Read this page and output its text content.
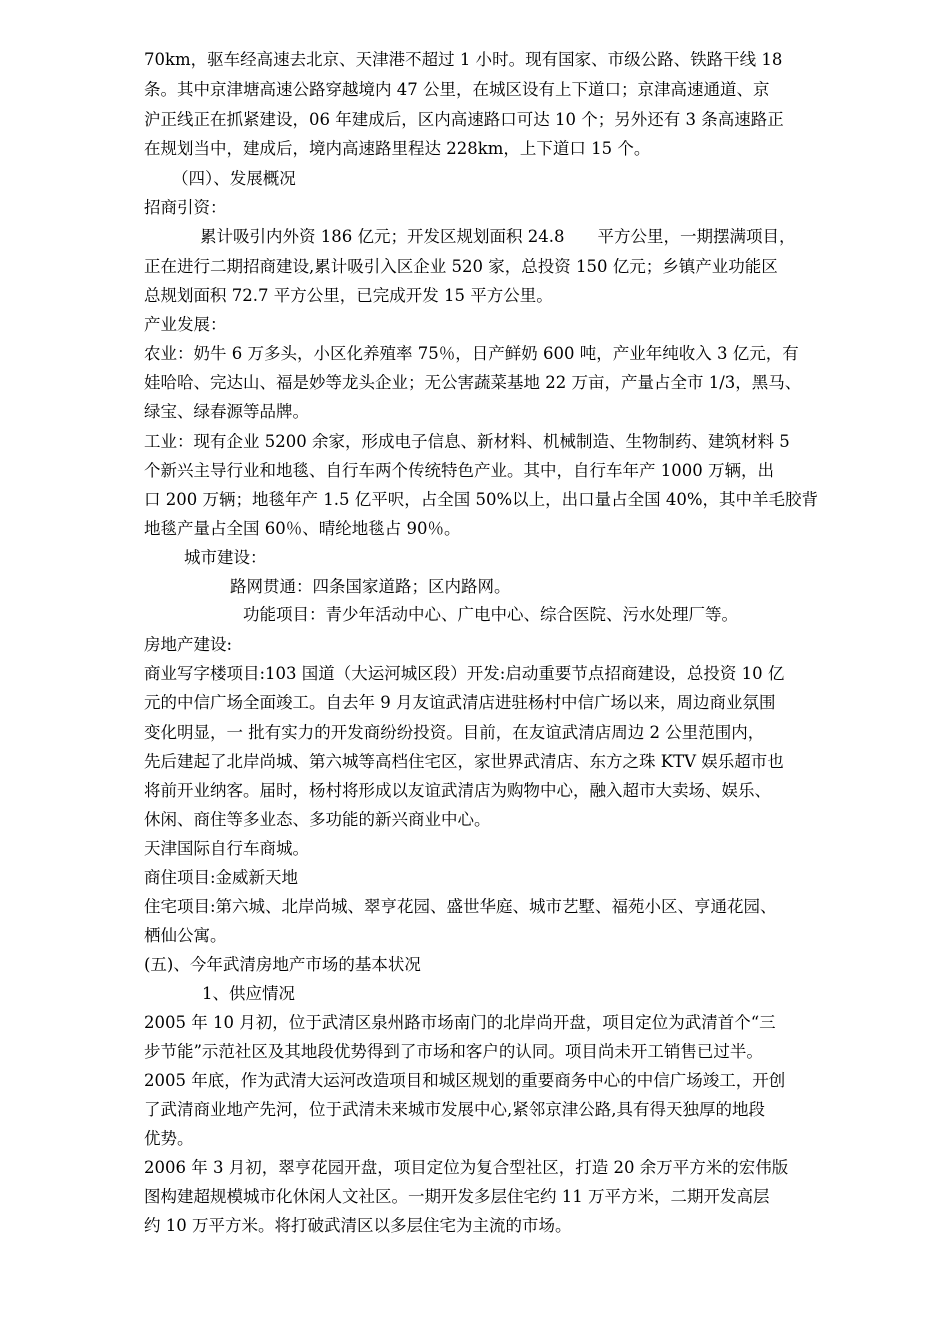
70km，驱车经高速去北京、天津港不超过 1 小时。现有国家、市级公路、铁路干线 18
条。其中京津塘高速公路穿越境内 47 公里，在城区设有上下道口；京津高速通道、京
沪正线正在抓紧建设，06 年建成后，区内高速路口可达 10 个；另外还有 3 条高速路正
在规划当中，建成后，境内高速路里程达 228km，上下道口 15 个。
（四）、发展概况
招商引资：
累计吸引内外资 186 亿元；开发区规划面积 24.8　　平方公里，一期摆满项目，
正在进行二期招商建设,累计吸引入区企业 520 家，总投资 150 亿元；乡镇产业功能区
总规划面积 72.7 平方公里，已完成开发 15 平方公里。
产业发展：
农业：奶牛 6 万多头，小区化养殖率 75％，日产鲜奶 600 吨，产业年纯收入 3 亿元，有
娃哈哈、完达山、福是妙等龙头企业；无公害蔬菜基地 22 万亩，产量占全市 1/3，黑马、
绿宝、绿春源等品牌。
工业：现有企业 5200 余家，形成电子信息、新材料、机械制造、生物制药、建筑材料 5
个新兴主导行业和地毯、自行车两个传统特色产业。其中，自行车年产 1000 万辆，出
口 200 万辆；地毯年产 1.5 亿平呎，占全国 50%以上，出口量占全国 40%，其中羊毛胶背
地毯产量占全国 60％、晴纶地毯占 90％。
城市建设：
路网贯通：四条国家道路；区内路网。
功能项目：青少年活动中心、广电中心、综合医院、污水处理厂等。
房地产建设:
商业写字楼项目:103 国道（大运河城区段）开发:启动重要节点招商建设，总投资 10 亿
元的中信广场全面竣工。自去年 9 月友谊武清店进驻杨村中信广场以来，周边商业氛围
变化明显，一 批有实力的开发商纷纷投资。目前，在友谊武清店周边 2 公里范围内，
先后建起了北岸尚城、第六城等高档住宅区，家世界武清店、东方之珠 KTV 娱乐超市也
将前开业纳客。届时，杨村将形成以友谊武清店为购物中心，融入超市大卖场、娱乐、
休闲、商住等多业态、多功能的新兴商业中心。
天津国际自行车商城。
商住项目:金威新天地
住宅项目:第六城、北岸尚城、翠亨花园、盛世华庭、城市艺墅、福苑小区、亨通花园、
栖仙公寓。
(五)、今年武清房地产市场的基本状况
1、供应情况
2005 年 10 月初，位于武清区泉州路市场南门的北岸尚开盘，项目定位为武清首个“三
步节能”示范社区及其地段优势得到了市场和客户的认同。项目尚未开工销售已过半。
2005 年底，作为武清大运河改造项目和城区规划的重要商务中心的中信广场竣工，开创
了武清商业地产先河，位于武清未来城市发展中心,紧邻京津公路,具有得天独厚的地段
优势。
2006 年 3 月初，翠亨花园开盘，项目定位为复合型社区，打造 20 余万平方米的宏伟版
图构建超规模城市化休闲人文社区。一期开发多层住宅约 11 万平方米，二期开发高层
约 10 万平方米。将打破武清区以多层住宅为主流的市场。
